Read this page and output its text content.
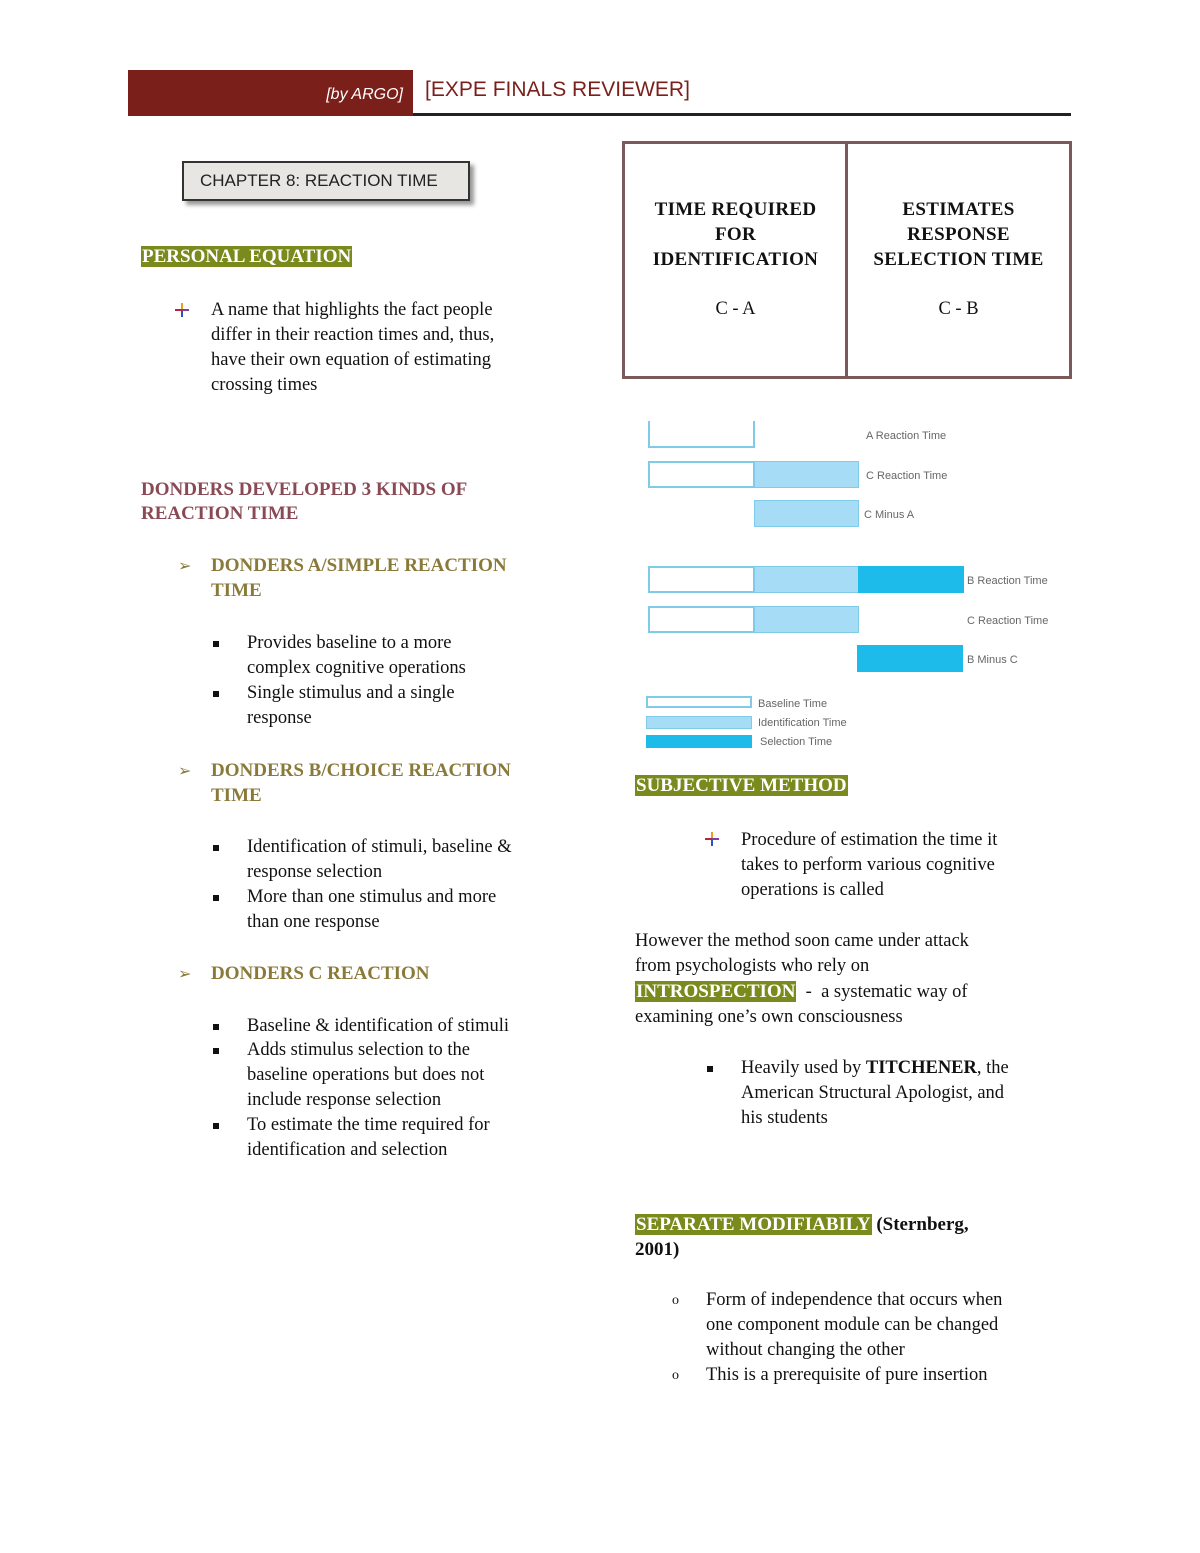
[by ARGO] [EXPE FINALS REVIEWER]
CHAPTER 8: REACTION TIME
PERSONAL EQUATION
A name that highlights the fact people
differ in their reaction times and, thus,
have their own equation of estimating
crossing times
DONDERS DEVELOPED 3 KINDS OF
REACTION TIME
➢ DONDERS A/SIMPLE REACTION
TIME
Provides baseline to a more
complex cognitive operations
Single stimulus and a single
response
➢ DONDERS B/CHOICE REACTION
TIME
Identification of stimuli, baseline &
response selection
More than one stimulus and more
than one response
➢ DONDERS C REACTION
Baseline & identification of stimuli
Adds stimulus selection to the
baseline operations but does not
include response selection
To estimate the time required for
identification and selection
TIME REQUIRED
FOR
IDENTIFICATION
C - A
ESTIMATES
RESPONSE
SELECTION TIME
C - B
A Reaction Time
C Reaction Time
C Minus A
B Reaction Time
C Reaction Time
B Minus C
Baseline Time
Identification Time
Selection Time
SUBJECTIVE METHOD
Procedure of estimation the time it
takes to perform various cognitive
operations is called
However the method soon came under attack
from psychologists who rely on
INTROSPECTION  -  a systematic way of
examining one’s own consciousness
Heavily used by TITCHENER, the
American Structural Apologist, and
his students
SEPARATE MODIFIABILY (Sternberg,
2001)
o Form of independence that occurs when
one component module can be changed
without changing the other
o This is a prerequisite of pure insertion
